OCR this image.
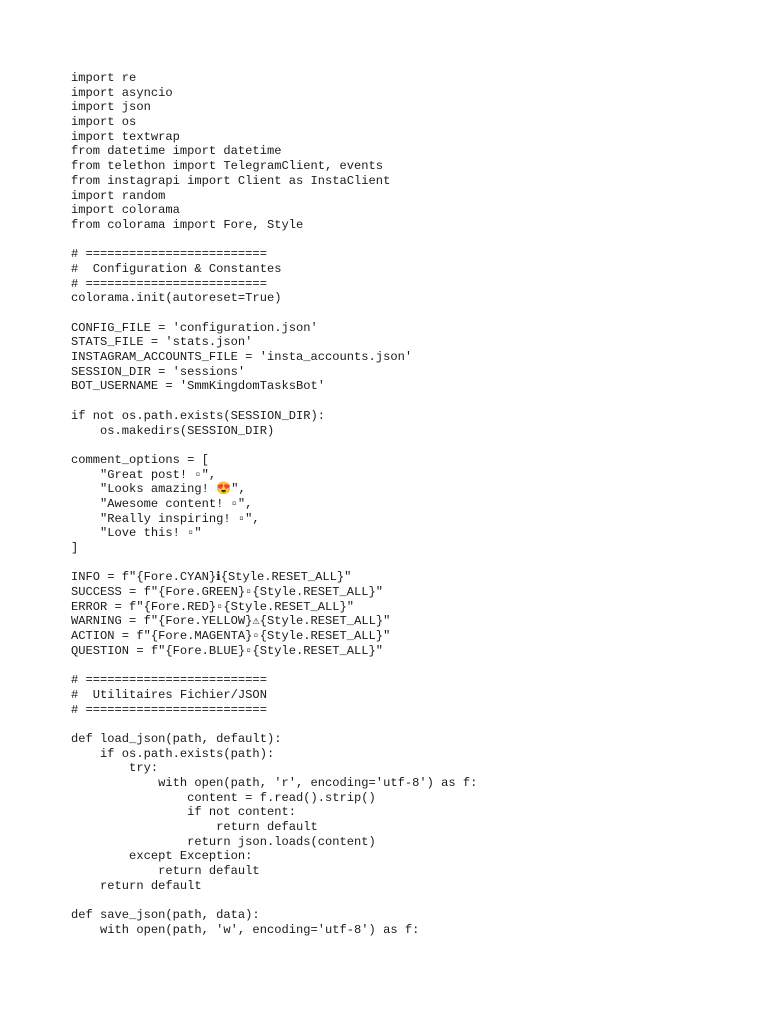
import re
import asyncio
import json
import os
import textwrap
from datetime import datetime
from telethon import TelegramClient, events
from instagrapi import Client as InstaClient
import random
import colorama
from colorama import Fore, Style
# =========================
#  Configuration & Constantes
# =========================
colorama.init(autoreset=True)
CONFIG_FILE = 'configuration.json'
STATS_FILE = 'stats.json'
INSTAGRAM_ACCOUNTS_FILE = 'insta_accounts.json'
SESSION_DIR = 'sessions'
BOT_USERNAME = 'SmmKingdomTasksBot'
if not os.path.exists(SESSION_DIR):
os.makedirs(SESSION_DIR)
comment_options = [
"Great post! ▫",
"Looks amazing! 😍",
"Awesome content! ▫",
"Really inspiring! ▫",
"Love this! ▫"
]
INFO = f"{Fore.CYAN}ℹ{Style.RESET_ALL}"
SUCCESS = f"{Fore.GREEN}▫{Style.RESET_ALL}"
ERROR = f"{Fore.RED}▫{Style.RESET_ALL}"
WARNING = f"{Fore.YELLOW}⚠{Style.RESET_ALL}"
ACTION = f"{Fore.MAGENTA}▫{Style.RESET_ALL}"
QUESTION = f"{Fore.BLUE}▫{Style.RESET_ALL}"
# =========================
#  Utilitaires Fichier/JSON
# =========================
def load_json(path, default):
if os.path.exists(path):
try:
with open(path, 'r', encoding='utf-8') as f:
content = f.read().strip()
if not content:
return default
return json.loads(content)
except Exception:
return default
return default
def save_json(path, data):
with open(path, 'w', encoding='utf-8') as f:
